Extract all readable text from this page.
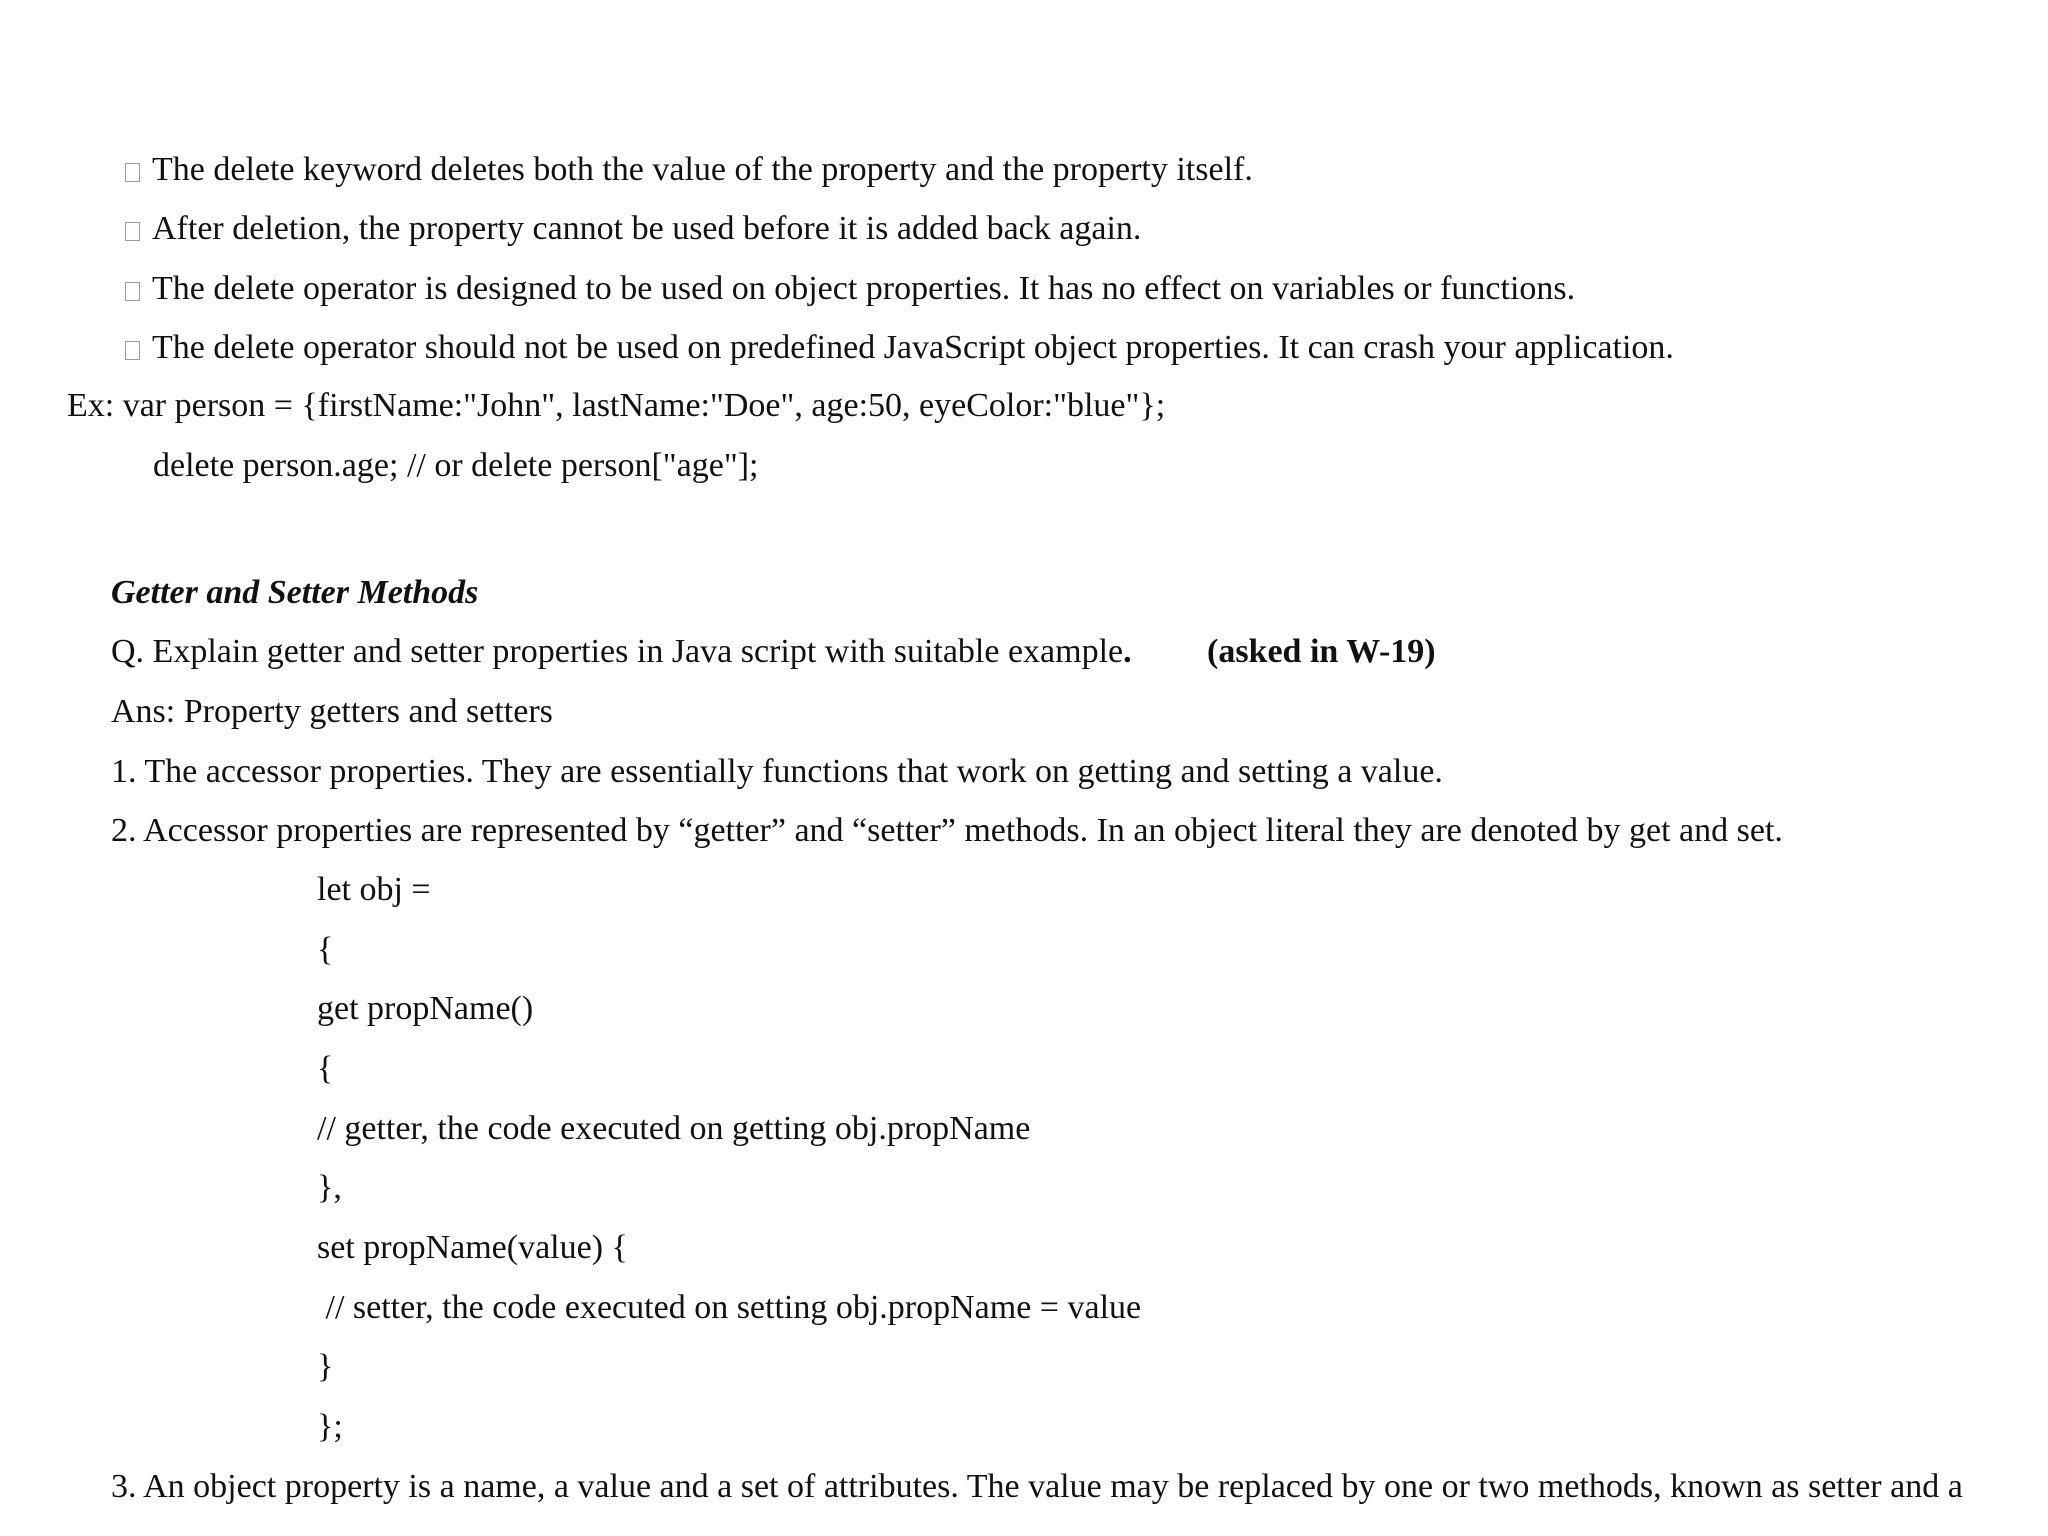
The delete keyword deletes both the value of the property and the property itself.
After deletion, the property cannot be used before it is added back again.
The delete operator is designed to be used on object properties. It has no effect on variables or functions.
The delete operator should not be used on predefined JavaScript object properties. It can crash your application.
Ex: var person = {firstName:"John", lastName:"Doe", age:50, eyeColor:"blue"};
delete person.age; // or delete person["age"];
Getter and Setter Methods
Q. Explain getter and setter properties in Java script with suitable example. (asked in W-19)
Ans: Property getters and setters
1. The accessor properties. They are essentially functions that work on getting and setting a value.
2. Accessor properties are represented by “getter” and “setter” methods. In an object literal they are denoted by get and set.
let obj =
{
get propName()
{
// getter, the code executed on getting obj.propName
},
set propName(value) {
// setter, the code executed on setting obj.propName = value
}
};
3. An object property is a name, a value and a set of attributes. The value may be replaced by one or two methods, known as setter and a
